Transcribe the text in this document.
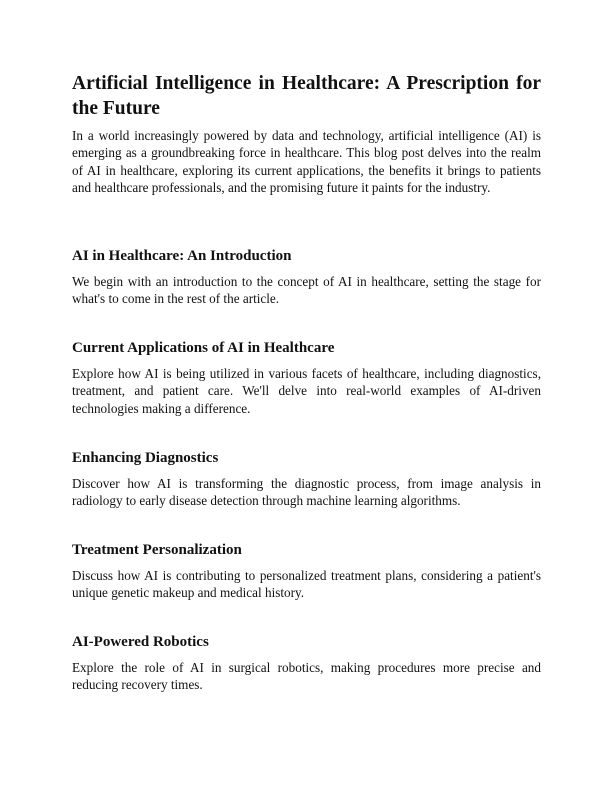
Artificial Intelligence in Healthcare: A Prescription for the Future

In a world increasingly powered by data and technology, artificial intelligence (AI) is emerging as a groundbreaking force in healthcare. This blog post delves into the realm of AI in healthcare, exploring its current applications, the benefits it brings to patients and healthcare professionals, and the promising future it paints for the industry.

AI in Healthcare: An Introduction

We begin with an introduction to the concept of AI in healthcare, setting the stage for what's to come in the rest of the article.

Current Applications of AI in Healthcare

Explore how AI is being utilized in various facets of healthcare, including diagnostics, treatment, and patient care. We'll delve into real-world examples of AI-driven technologies making a difference.

Enhancing Diagnostics

Discover how AI is transforming the diagnostic process, from image analysis in radiology to early disease detection through machine learning algorithms.

Treatment Personalization

Discuss how AI is contributing to personalized treatment plans, considering a patient's unique genetic makeup and medical history.

AI-Powered Robotics

Explore the role of AI in surgical robotics, making procedures more precise and reducing recovery times.
